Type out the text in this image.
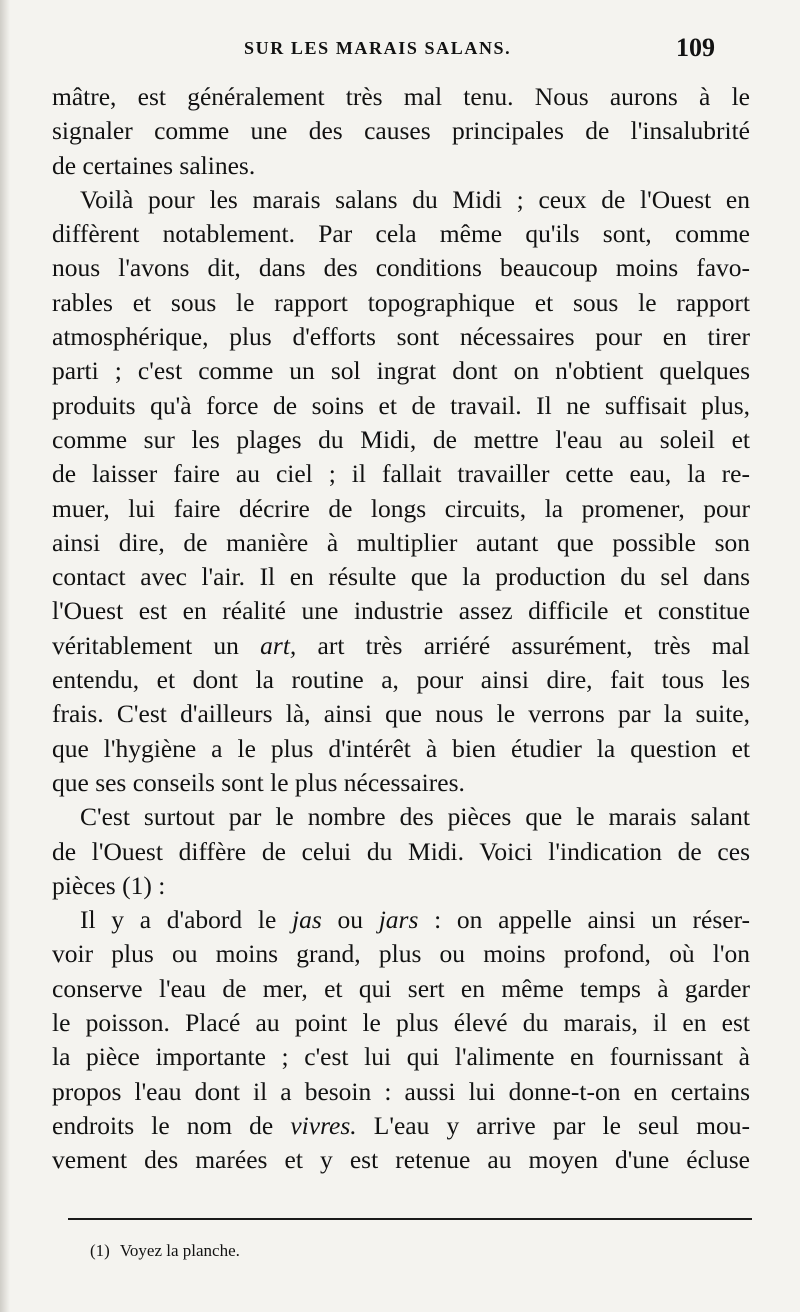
SUR LES MARAIS SALANS.	109
mâtre, est généralement très mal tenu. Nous aurons à le
signaler comme une des causes principales de l'insalubrité
de certaines salines.
Voilà pour les marais salans du Midi ; ceux de l'Ouest en
diffèrent notablement. Par cela même qu'ils sont, comme
nous l'avons dit, dans des conditions beaucoup moins favo-
rables et sous le rapport topographique et sous le rapport
atmosphérique, plus d'efforts sont nécessaires pour en tirer
parti ; c'est comme un sol ingrat dont on n'obtient quelques
produits qu'à force de soins et de travail. Il ne suffisait plus,
comme sur les plages du Midi, de mettre l'eau au soleil et
de laisser faire au ciel ; il fallait travailler cette eau, la re-
muer, lui faire décrire de longs circuits, la promener, pour
ainsi dire, de manière à multiplier autant que possible son
contact avec l'air. Il en résulte que la production du sel dans
l'Ouest est en réalité une industrie assez difficile et constitue
véritablement un art, art très arriéré assurément, très mal
entendu, et dont la routine a, pour ainsi dire, fait tous les
frais. C'est d'ailleurs là, ainsi que nous le verrons par la suite,
que l'hygiène a le plus d'intérêt à bien étudier la question et
que ses conseils sont le plus nécessaires.
C'est surtout par le nombre des pièces que le marais salant
de l'Ouest diffère de celui du Midi. Voici l'indication de ces
pièces (1) :
Il y a d'abord le jas ou jars : on appelle ainsi un réser-
voir plus ou moins grand, plus ou moins profond, où l'on
conserve l'eau de mer, et qui sert en même temps à garder
le poisson. Placé au point le plus élevé du marais, il en est
la pièce importante ; c'est lui qui l'alimente en fournissant à
propos l'eau dont il a besoin : aussi lui donne-t-on en certains
endroits le nom de vivres. L'eau y arrive par le seul mou-
vement des marées et y est retenue au moyen d'une écluse
(1) Voyez la planche.
